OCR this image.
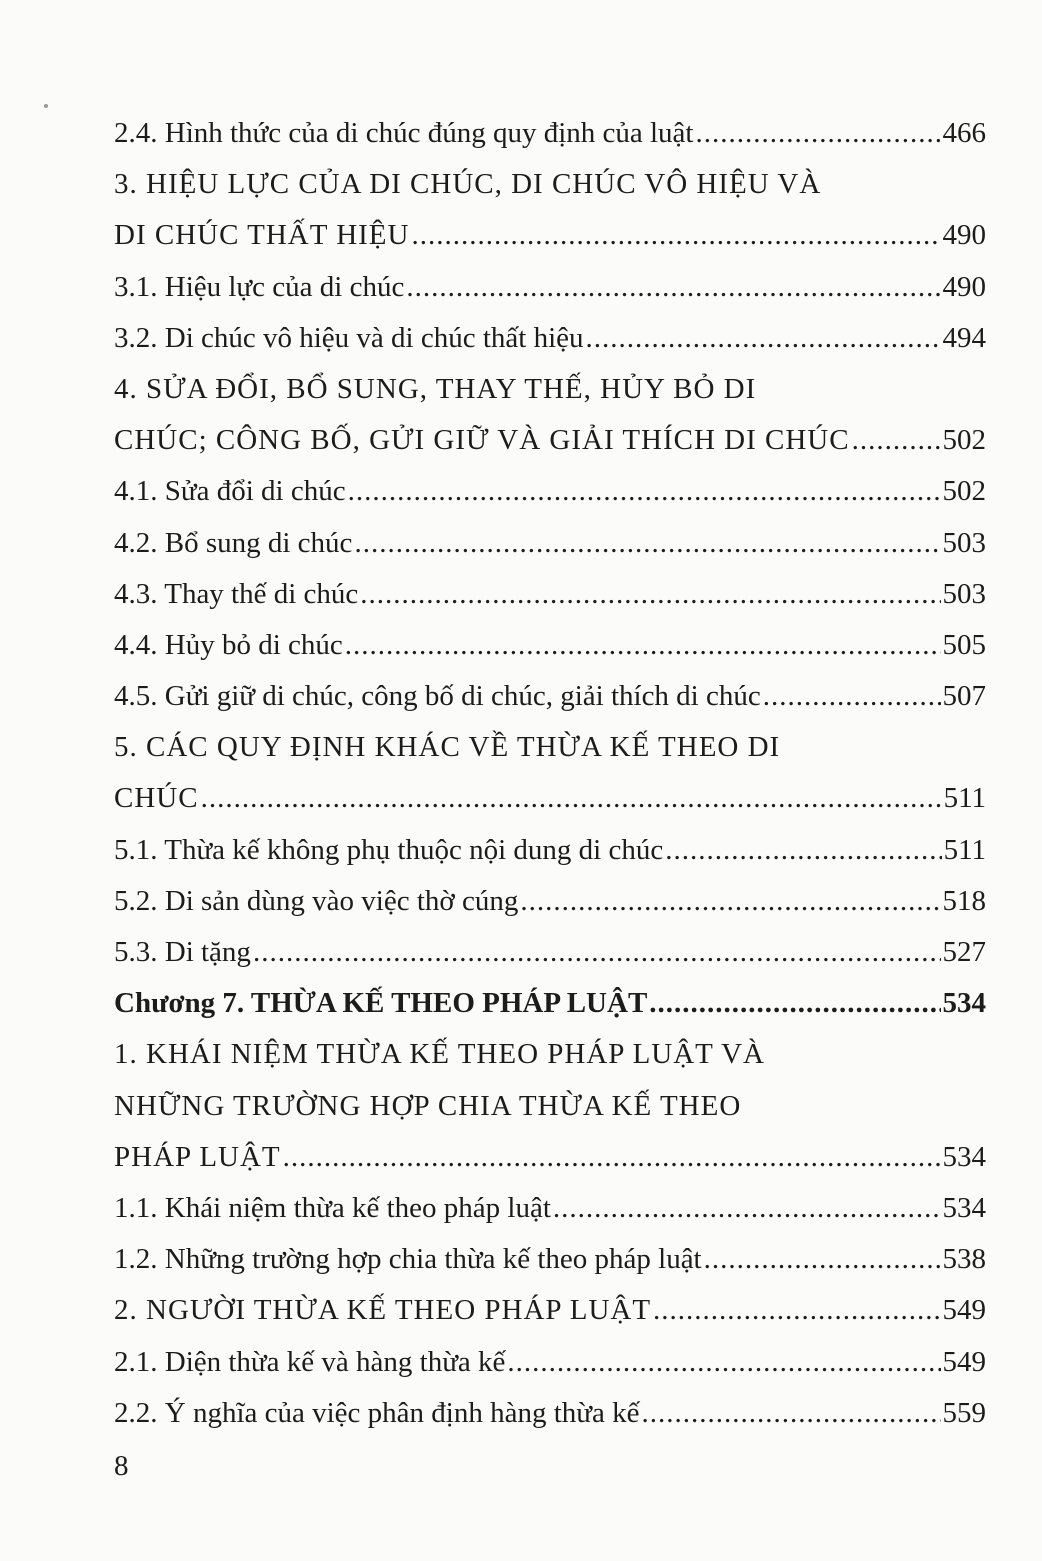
2.4. Hình thức của di chúc đúng quy định của luật .....	466
3. HIỆU LỰC CỦA DI CHÚC, DI CHÚC VÔ HIỆU VÀ
DI CHÚC THẤT HIỆU .....	490
3.1. Hiệu lực của di chúc .....	490
3.2. Di chúc vô hiệu và di chúc thất hiệu .....	494
4. SỬA ĐỔI, BỔ SUNG, THAY THẾ, HỦY BỎ DI
CHÚC; CÔNG BỐ, GỬI GIỮ VÀ GIẢI THÍCH DI CHÚC .....	502
4.1. Sửa đổi di chúc .....	502
4.2. Bổ sung di chúc .....	503
4.3. Thay thế di chúc .....	503
4.4. Hủy bỏ di chúc .....	505
4.5. Gửi giữ di chúc, công bố di chúc, giải thích di chúc .....	507
5. CÁC QUY ĐỊNH KHÁC VỀ THỪA KẾ THEO DI
CHÚC .....	511
5.1. Thừa kế không phụ thuộc nội dung di chúc .....	511
5.2. Di sản dùng vào việc thờ cúng .....	518
5.3. Di tặng .....	527
Chương 7. THỪA KẾ THEO PHÁP LUẬT .....	534
1. KHÁI NIỆM THỪA KẾ THEO PHÁP LUẬT VÀ
NHỮNG TRƯỜNG HỢP CHIA THỪA KẾ THEO
PHÁP LUẬT .....	534
1.1. Khái niệm thừa kế theo pháp luật .....	534
1.2. Những trường hợp chia thừa kế theo pháp luật .....	538
2. NGƯỜI THỪA KẾ THEO PHÁP LUẬT .....	549
2.1. Diện thừa kế và hàng thừa kế .....	549
2.2. Ý nghĩa của việc phân định hàng thừa kế .....	559
8
